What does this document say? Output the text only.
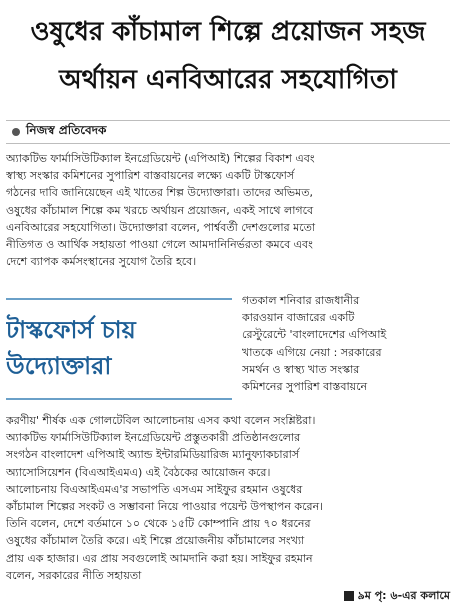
ওষুধের কাঁচামাল শিল্পে প্রয়োজন সহজ
অর্থায়ন এনবিআরের সহযোগিতা
নিজস্ব প্রতিবেদক
অ্যাকটিভ ফার্মাসিউটিক্যাল ইনগ্রেডিয়েন্ট (এপিআই) শিল্পের বিকাশ এবং
স্বাস্থ্য সংস্কার কমিশনের সুপারিশ বাস্তবায়নের লক্ষ্যে একটি টাস্কফোর্স
গঠনের দাবি জানিয়েছেন এই খাতের শিল্প উদ্যোক্তারা। তাদের অভিমত,
ওষুধের কাঁচামাল শিল্পে কম খরচে অর্থায়ন প্রয়োজন, একই সাথে লাগবে
এনবিআরের সহযোগিতা। উদ্যোক্তারা বলেন, পার্শ্ববর্তী দেশগুলোর মতো
নীতিগত ও আর্থিক সহায়তা পাওয়া গেলে আমদানিনির্ভরতা কমবে এবং
দেশে ব্যাপক কর্মসংস্থানের সুযোগ তৈরি হবে।
টাস্কফোর্স চায়
উদ্যোক্তারা
গতকাল শনিবার রাজধানীর
কারওয়ান বাজারের একটি
রেস্টুরেন্টে 'বাংলাদেশের এপিআই
খাতকে এগিয়ে নেয়া : সরকারের
সমর্থন ও স্বাস্থ্য খাত সংস্কার
কমিশনের সুপারিশ বাস্তবায়নে
করণীয়' শীর্ষক এক গোলটেবিল আলোচনায় এসব কথা বলেন সংশ্লিষ্টরা।
অ্যাকটিভ ফার্মাসিউটিক্যাল ইনগ্রেডিয়েন্ট প্রস্তুতকারী প্রতিষ্ঠানগুলোর
সংগঠন বাংলাদেশ এপিআই অ্যান্ড ইন্টারমিডিয়ারিজ ম্যানুফ্যাকচারার্স
অ্যাসোসিয়েশন (বিএআইএমএ) এই বৈঠকের আয়োজন করে।
আলোচনায় বিএআইএমএ'র সভাপতি এসএম সাইফুর রহমান ওষুধের
কাঁচামাল শিল্পের সংকট ও সম্ভাবনা নিয়ে পাওয়ার পয়েন্ট উপস্থাপন করেন।
তিনি বলেন, দেশে বর্তমানে ১০ থেকে ১৫টি কোম্পানি প্রায় ৭০ ধরনের
ওষুধের কাঁচামাল তৈরি করে। এই শিল্পে প্রয়োজনীয় কাঁচামালের সংখ্যা
প্রায় এক হাজার। এর প্রায় সবগুলোই আমদানি করা হয়। সাইফুর রহমান
বলেন, সরকারের নীতি সহায়তা
৯ম পৃ: ৬-এর কলামে
